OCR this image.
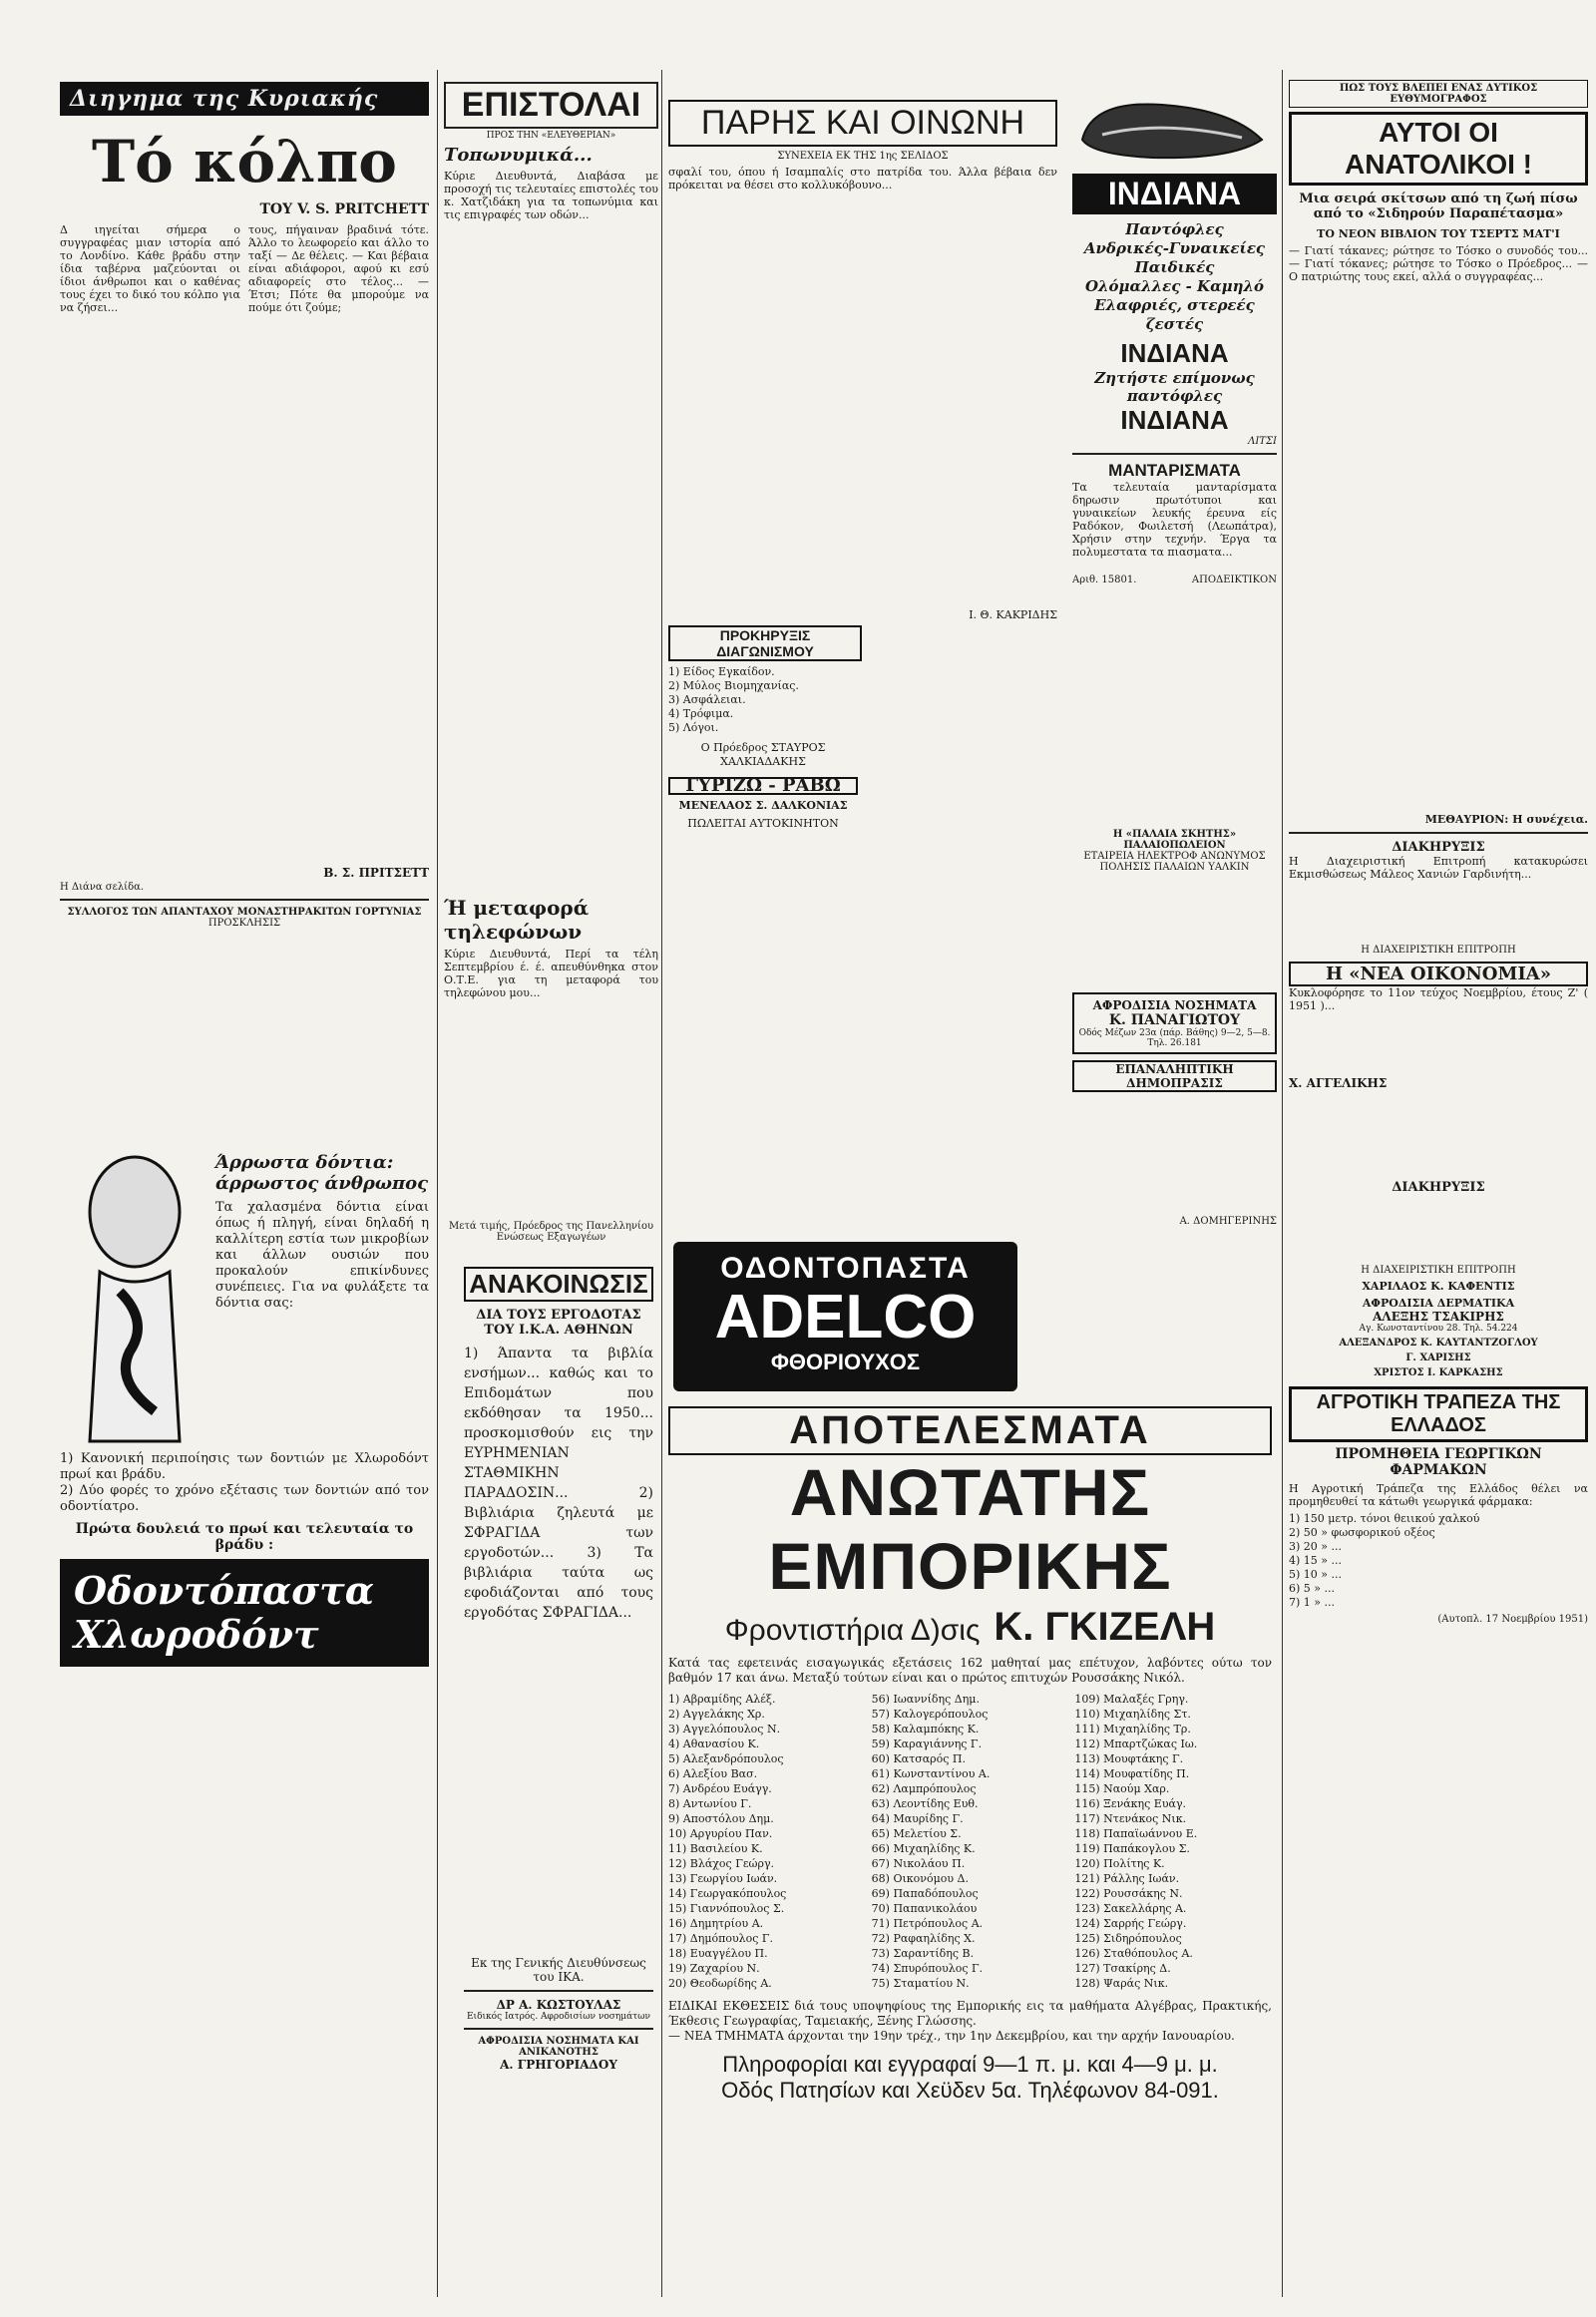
Διηγημα της Κυριακής
Τό κόλπο
ΤΟΥ V. S. PRITCHETT
Δ ιηγείται σήμερα ο συγγραφέας μιαν ιστορία από το Λονδίνο. Κάθε βράδυ στην ίδια ταβέρνα μαζεύονται οι ίδιοι άνθρωποι και ο καθένας τους έχει το δικό του κόλπο για να ζήσει...
τους, πήγαιναν βραδινά τότε. Άλλο το λεωφορείο και άλλο το ταξί — Δε θέλεις. — Και βέβαια είναι αδιάφοροι, αφού κι εσύ αδιαφορείς στο τέλος... — Έτσι; Πότε θα μπορούμε να πούμε ότι ζούμε;
Β. Σ. ΠΡΙΤΣΕΤΤ
Η Διάνα σελίδα.
ΣΥΛΛΟΓΟΣ ΤΩΝ ΑΠΑΝΤΑΧΟΥ ΜΟΝΑΣΤΗΡΑΚΙΤΩΝ ΓΟΡΤΥΝΙΑΣ
ΠΡΟΣΚΛΗΣΙΣ
Άρρωστα δόντια: άρρωστος άνθρωπος
Τα χαλασμένα δόντια είναι όπως ή πληγή, είναι δηλαδή η καλλίτερη εστία των μικροβίων και άλλων ουσιών που προκαλούν επικίνδυνες συνέπειες. Για να φυλάξετε τα δόντια σας:
1) Κανονική περιποίησις των δοντιών με Χλωροδόντ πρωί και βράδυ.
2) Δύο φορές το χρόνο εξέτασις των δοντιών από τον οδοντίατρο.
Πρώτα δουλειά το πρωί και τελευταία το βράδυ :
Οδοντόπαστα Χλωροδόντ
ΕΠΙΣΤΟΛΑΙ
ΠΡΟΣ ΤΗΝ «ΕΛΕΥΘΕΡΙΑΝ»
Τοπωνυμικά...
Κύριε Διευθυντά, Διαβάσα με προσοχή τις τελευταίες επιστολές του κ. Χατζιδάκη για τα τοπωνύμια και τις επιγραφές των οδών...
Ή μεταφορά τηλεφώνων
Κύριε Διευθυντά, Περί τα τέλη Σεπτεμβρίου έ. έ. απευθύνθηκα στον Ο.Τ.Ε. για τη μεταφορά του τηλεφώνου μου...
Μετά τιμής, Πρόεδρος της Πανελληνίου Ενώσεως Εξαγωγέων
ΑΝΑΚΟΙΝΩΣΙΣ
ΔΙΑ ΤΟΥΣ ΕΡΓΟΔΟΤΑΣ ΤΟΥ Ι.Κ.Α. ΑΘΗΝΩΝ
1) Άπαντα τα βιβλία ενσήμων... καθώς και το Επιδομάτων που εκδόθησαν τα 1950... προσκομισθούν εις την ΕΥΡΗΜΕΝΙΑΝ ΣΤΑΘΜΙΚΗΝ ΠΑΡΑΔΟΣΙΝ... 2) Βιβλιάρια ζηλευτά με ΣΦΡΑΓΙΔΑ των εργοδοτών... 3) Τα βιβλιάρια ταύτα ως εφοδιάζονται από τους εργοδότας ΣΦΡΑΓΙΔΑ...
Εκ της Γενικής Διευθύνσεως του ΙΚΑ.
ΔΡ Α. ΚΩΣΤΟΥΛΑΣ
Ειδικός Ιατρός. Αφροδισίων νοσημάτων
ΑΦΡΟΔΙΣΙΑ ΝΟΣΗΜΑΤΑ ΚΑΙ ΑΝΙΚΑΝΟΤΗΣ
Α. ΓΡΗΓΟΡΙΑΔΟΥ
ΠΑΡΗΣ ΚΑΙ ΟΙΝΩΝΗ
ΣΥΝΕΧΕΙΑ ΕΚ ΤΗΣ 1ης ΣΕΛΙΔΟΣ
σφαλί του, όπου ή Ισαμπαλίς στο πατρίδα του. Άλλα βέβαια δεν πρόκειται να θέσει στο κολλυκόβουνο...
Ι. Θ. ΚΑΚΡΙΔΗΣ
ΠΡΟΚΗΡΥΞΙΣ ΔΙΑΓΩΝΙΣΜΟΥ
1) Είδος Εγκαίδον.
2) Μύλος Βιομηχανίας.
3) Ασφάλειαι.
4) Τρόφιμα.
5) Λόγοι.
Ο Πρόεδρος ΣΤΑΥΡΟΣ ΧΑΛΚΙΑΔΑΚΗΣ
ΓΥΡΙΖΩ - ΡΑΒΩ
ΜΕΝΕΛΑΟΣ Σ. ΔΑΛΚΟΝΙΑΣ
ΠΩΛΕΙΤΑΙ ΑΥΤΟΚΙΝΗΤΟΝ
ΟΔΟΝΤΟΠΑΣΤΑ
ADELCO
ΦΘΟΡΙΟΥΧΟΣ
ΙΝΔΙΑΝΑ
Παντόφλες
Ανδρικές-Γυναικείες
Παιδικές
Ολόμαλλες - Καμηλό
Ελαφριές, στερεές
ζεστές
ΙΝΔΙΑΝΑ
Ζητήστε επίμονως
παντόφλες
ΙΝΔΙΑΝΑ
ΛΙΤΣΙ
ΜΑΝΤΑΡΙΣΜΑΤΑ
Τα τελευταία μανταρίσματα δηρωσιν πρωτότυποι και γυναικείων λευκής έρευνα είς Ραδόκον, Φωιλετσή (Λεωπάτρα), Χρήσιν στην τεχνήν. Έργα τα πολυμεστατα τα πιασματα...
Αριθ. 15801.	ΑΠΟΔΕΙΚΤΙΚΟΝ
Η «ΠΑΛΑΙΑ ΣΚΗΤΗΣ» ΠΑΛΑΙΟΠΩΛΕΙΟΝ
ΕΤΑΙΡΕΙΑ ΗΛΕΚΤΡΟΦ ΑΝΩΝΥΜΟΣ ΠΟΛΗΣΙΣ ΠΑΛΑΙΩΝ ΥΑΛΚΙΝ
ΑΦΡΟΔΙΣΙΑ ΝΟΣΗΜΑΤΑ
Κ. ΠΑΝΑΓΙΩΤΟΥ
Οδός Μέζων 23α (πάρ. Βάθης) 9—2, 5—8. Τηλ. 26.181
ΕΠΑΝΑΛΗΠΤΙΚΗ ΔΗΜΟΠΡΑΣΙΣ
Α. ΔΟΜΗΓΕΡΙΝΗΣ
ΠΩΣ ΤΟΥΣ ΒΛΕΠΕΙ ΕΝΑΣ ΔΥΤΙΚΟΣ ΕΥΘΥΜΟΓΡΑΦΟΣ
ΑΥΤΟΙ ΟΙ ΑΝΑΤΟΛΙΚΟΙ !
Μια σειρά σκίτσων από τη ζωή πίσω από το «Σιδηρούν Παραπέτασμα»
ΤΟ ΝΕΟΝ ΒΙΒΛΙΟΝ ΤΟΥ ΤΣΕΡΤΣ ΜΑΤ'Ι
— Γιατί τάκανες; ρώτησε το Τόσκο ο συνοδός του... — Γιατί τόκανες; ρώτησε το Τόσκο ο Πρόεδρος... — Ο πατριώτης τους εκεί, αλλά ο συγγραφέας...
ΜΕΘΑΥΡΙΟΝ: Η συνέχεια.
ΔΙΑΚΗΡΥΞΙΣ
Η Διαχειριστική Επιτροπή κατακυρώσει Εκμισθώσεως Μάλεος Χανιών Γαρδινήτη...
Η ΔΙΑΧΕΙΡΙΣΤΙΚΗ ΕΠΙΤΡΟΠΗ
Η «ΝΕΑ ΟΙΚΟΝΟΜΙΑ»
Κυκλοφόρησε το 11ον τεύχος Νοεμβρίου, έτους Ζ' ( 1951 )...
Χ. ΑΓΓΕΛΙΚΗΣ
ΔΙΑΚΗΡΥΞΙΣ
Η ΔΙΑΧΕΙΡΙΣΤΙΚΗ ΕΠΙΤΡΟΠΗ
ΧΑΡΙΛΑΟΣ Κ. ΚΑΦΕΝΤΙΣ
ΑΦΡΟΔΙΣΙΑ ΔΕΡΜΑΤΙΚΑ
ΑΛΕΞΗΣ ΤΣΑΚΙΡΗΣ
Αγ. Κωνσταντίνου 28. Τηλ. 54.224
ΑΛΕΞΑΝΔΡΟΣ Κ. ΚΑΥΤΑΝΤΖΟΓΛΟΥ
Γ. ΧΑΡΙΣΗΣ
ΧΡΙΣΤΟΣ Ι. ΚΑΡΚΑΣΗΣ
ΑΓΡΟΤΙΚΗ ΤΡΑΠΕΖΑ ΤΗΣ ΕΛΛΑΔΟΣ
ΠΡΟΜΗΘΕΙΑ ΓΕΩΡΓΙΚΩΝ ΦΑΡΜΑΚΩΝ
Η Αγροτική Τράπεζα της Ελλάδος θέλει να προμηθευθεί τα κάτωθι γεωργικά φάρμακα:
1) 150 μετρ. τόνοι θειικού χαλκού
2) 50 » φωσφορικού οξέος
3) 20 » ...
4) 15 » ...
5) 10 » ...
6) 5 » ...
7) 1 » ...
(Αυτοπλ. 17 Νοεμβρίου 1951)
ΑΠΟΤΕΛΕΣΜΑΤΑ
ΑΝΩΤΑΤΗΣ ΕΜΠΟΡΙΚΗΣ
Φροντιστήρια Δ)σις Κ. ΓΚΙΖΕΛΗ
Κατά τας εφετεινάς εισαγωγικάς εξετάσεις 162 μαθηταί μας επέτυχον, λαβόντες ούτω τον βαθμόν 17 και άνω. Μεταξύ τούτων είναι και ο πρώτος επιτυχών Ρουσσάκης Νικόλ.
1) Αβραμίδης Αλέξ.
2) Αγγελάκης Χρ.
3) Αγγελόπουλος Ν.
4) Αθανασίου Κ.
5) Αλεξανδρόπουλος
6) Αλεξίου Βασ.
7) Ανδρέου Ευάγγ.
8) Αντωνίου Γ.
9) Αποστόλου Δημ.
10) Αργυρίου Παν.
11) Βασιλείου Κ.
12) Βλάχος Γεώργ.
13) Γεωργίου Ιωάν.
14) Γεωργακόπουλος
15) Γιαννόπουλος Σ.
16) Δημητρίου Α.
17) Δημόπουλος Γ.
18) Ευαγγέλου Π.
19) Ζαχαρίου Ν.
20) Θεοδωρίδης Α.
56) Ιωαννίδης Δημ.
57) Καλογερόπουλος
58) Καλαμπόκης Κ.
59) Καραγιάννης Γ.
60) Κατσαρός Π.
61) Κωνσταντίνου Α.
62) Λαμπρόπουλος
63) Λεοντίδης Ευθ.
64) Μαυρίδης Γ.
65) Μελετίου Σ.
66) Μιχαηλίδης Κ.
67) Νικολάου Π.
68) Οικονόμου Δ.
69) Παπαδόπουλος
70) Παπανικολάου
71) Πετρόπουλος Α.
72) Ραφαηλίδης Χ.
73) Σαραντίδης Β.
74) Σπυρόπουλος Γ.
75) Σταματίου Ν.
109) Μαλαξές Γρηγ.
110) Μιχαηλίδης Στ.
111) Μιχαηλίδης Τρ.
112) Μπαρτζώκας Ιω.
113) Μουφτάκης Γ.
114) Μουφατίδης Π.
115) Ναούμ Χαρ.
116) Ξενάκης Ευάγ.
117) Ντενάκος Νικ.
118) Παπαϊωάννου Ε.
119) Παπάκογλου Σ.
120) Πολίτης Κ.
121) Ράλλης Ιωάν.
122) Ρουσσάκης Ν.
123) Σακελλάρης Α.
124) Σαρρής Γεώργ.
125) Σιδηρόπουλος
126) Σταθόπουλος Α.
127) Τσακίρης Δ.
128) Ψαράς Νικ.
ΕΙΔΙΚΑΙ ΕΚΘΕΣΕΙΣ διά τους υποψηφίους της Εμπορικής εις τα μαθήματα Αλγέβρας, Πρακτικής, Έκθεσις Γεωγραφίας, Ταμειακής, Ξένης Γλώσσης.
— ΝΕΑ ΤΜΗΜΑΤΑ άρχονται την 19ην τρέχ., την 1ην Δεκεμβρίου, και την αρχήν Ιανουαρίου.
Πληροφορίαι και εγγραφαί 9—1 π. μ. και 4—9 μ. μ.
Οδός Πατησίων και Χεϋδεν 5α. Τηλέφωνον 84-091.
